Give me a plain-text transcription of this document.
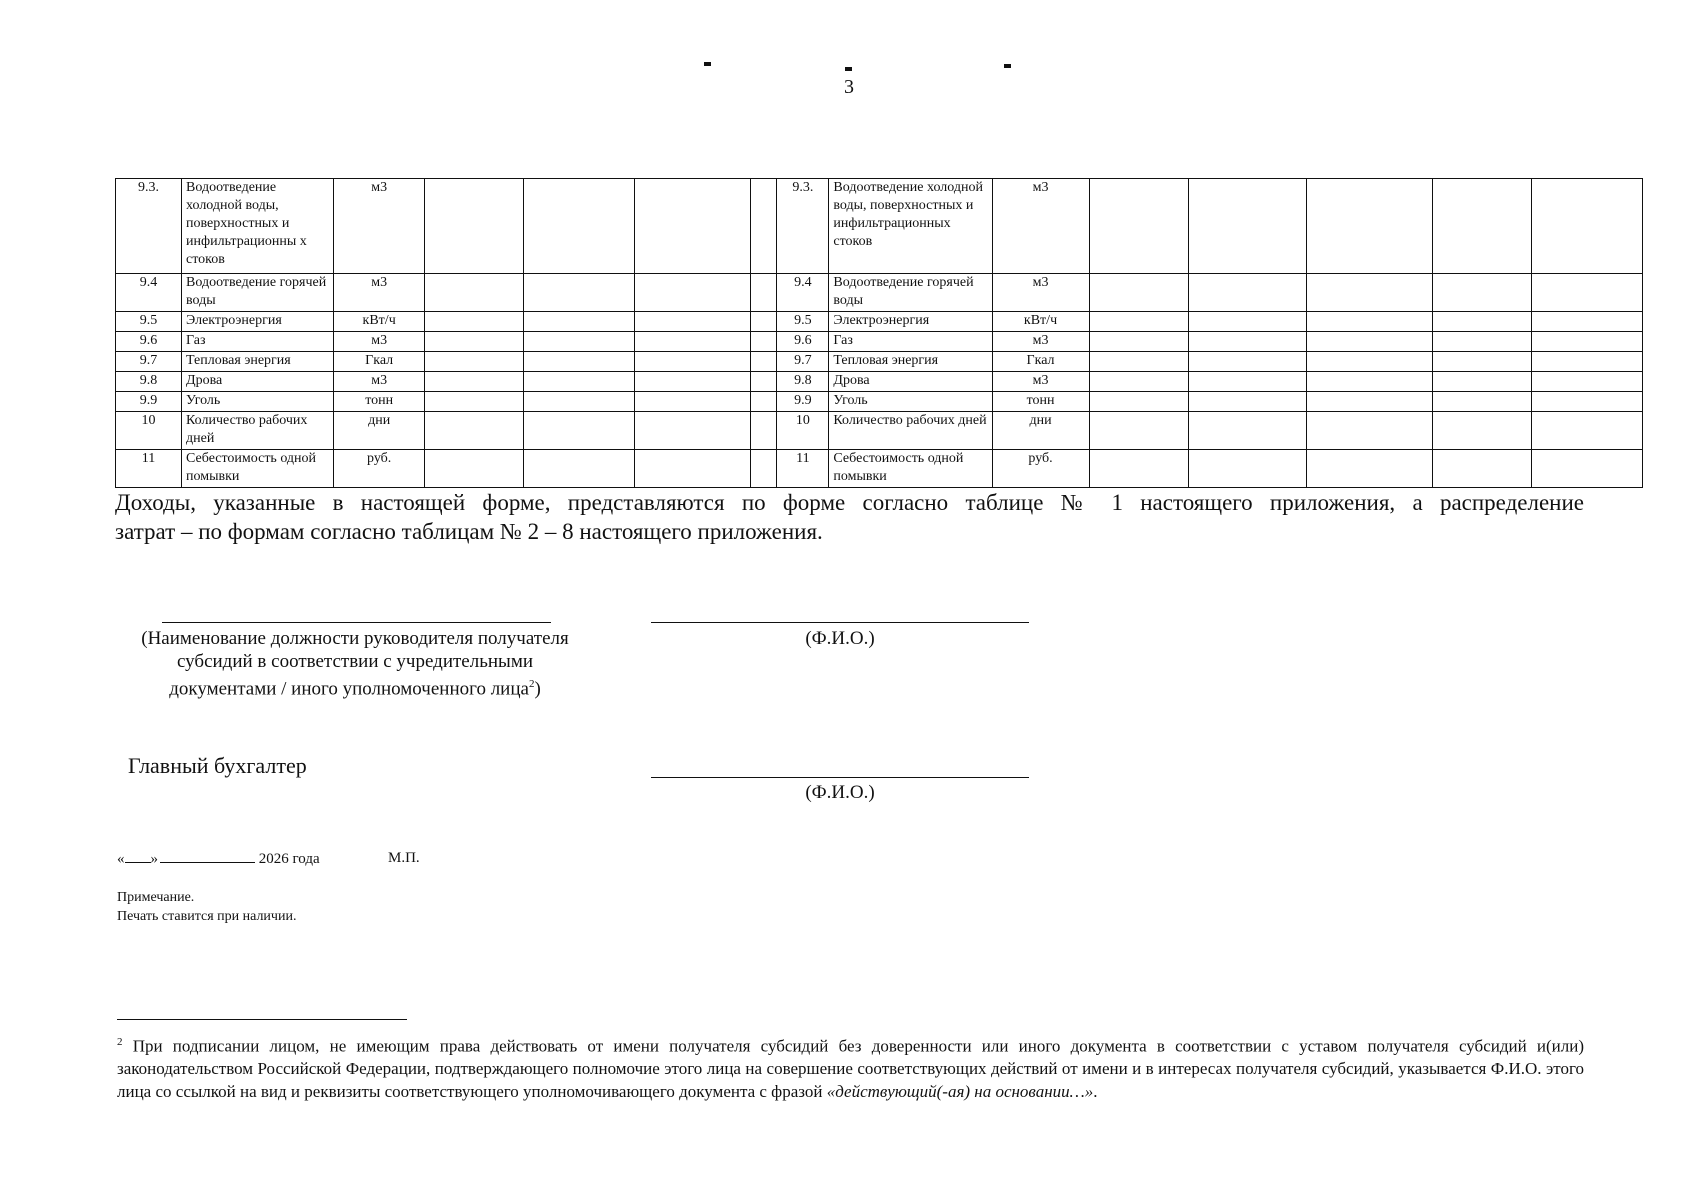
3
9.3.	Водоотведение холодной воды, поверхностных и инфильтрационны х стоков	м3					9.3.	Водоотведение холодной воды, поверхностных и инфильтрационных стоков	м3					
9.4	Водоотведение горячей воды	м3					9.4	Водоотведение горячей воды	м3					
9.5	Электроэнергия	кВт/ч					9.5	Электроэнергия	кВт/ч					
9.6	Газ	м3					9.6	Газ	м3					
9.7	Тепловая энергия	Гкал					9.7	Тепловая энергия	Гкал					
9.8	Дрова	м3					9.8	Дрова	м3					
9.9	Уголь	тонн					9.9	Уголь	тонн					
10	Количество рабочих дней	дни					10	Количество рабочих дней	дни					
11	Себестоимость одной помывки	руб.					11	Себестоимость одной помывки	руб.					
Доходы, указанные в настоящей форме, представляются по форме согласно таблице № 1 настоящего приложения, а распределение
затрат – по формам согласно таблицам № 2 – 8 настоящего приложения.
(Наименование должности руководителя получателя
субсидий в соответствии с учредительными
документами / иного уполномоченного лица$^2$)
(Ф.И.О.)
Главный бухгалтер
(Ф.И.О.)
« »	2026 года	М.П.
Примечание.
Печать ставится при наличии.
$^2$ При подписании лицом, не имеющим права действовать от имени получателя субсидий без доверенности или иного документа в соответствии с уставом получателя субсидий и(или) законодательством Российской Федерации, подтверждающего полномочие этого лица на совершение соответствующих действий от имени и в интересах получателя субсидий, указывается Ф.И.О. этого лица со ссылкой на вид и реквизиты соответствующего уполномочивающего документа с фразой «действующий(-ая) на основании…».
